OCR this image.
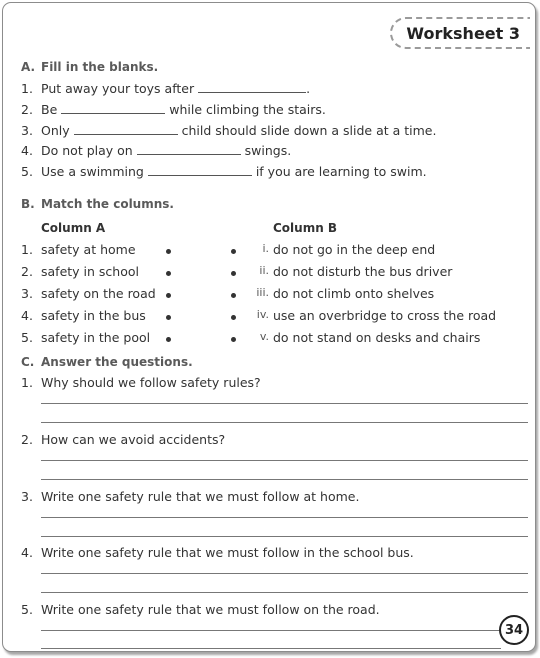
Worksheet 3
A. Fill in the blanks.
1. Put away your toys after	.
2. Be	while climbing the stairs.
3. Only	child should slide down a slide at a time.
4. Do not play on	swings.
5. Use a swimming	if you are learning to swim.
B. Match the columns.
Column A	Column B
1. safety at home	i. do not go in the deep end
2. safety in school	ii. do not disturb the bus driver
3. safety on the road	iii. do not climb onto shelves
4. safety in the bus	iv. use an overbridge to cross the road
5. safety in the pool	v. do not stand on desks and chairs
C. Answer the questions.
1. Why should we follow safety rules?
2. How can we avoid accidents?
3. Write one safety rule that we must follow at home.
4. Write one safety rule that we must follow in the school bus.
5. Write one safety rule that we must follow on the road.
34
